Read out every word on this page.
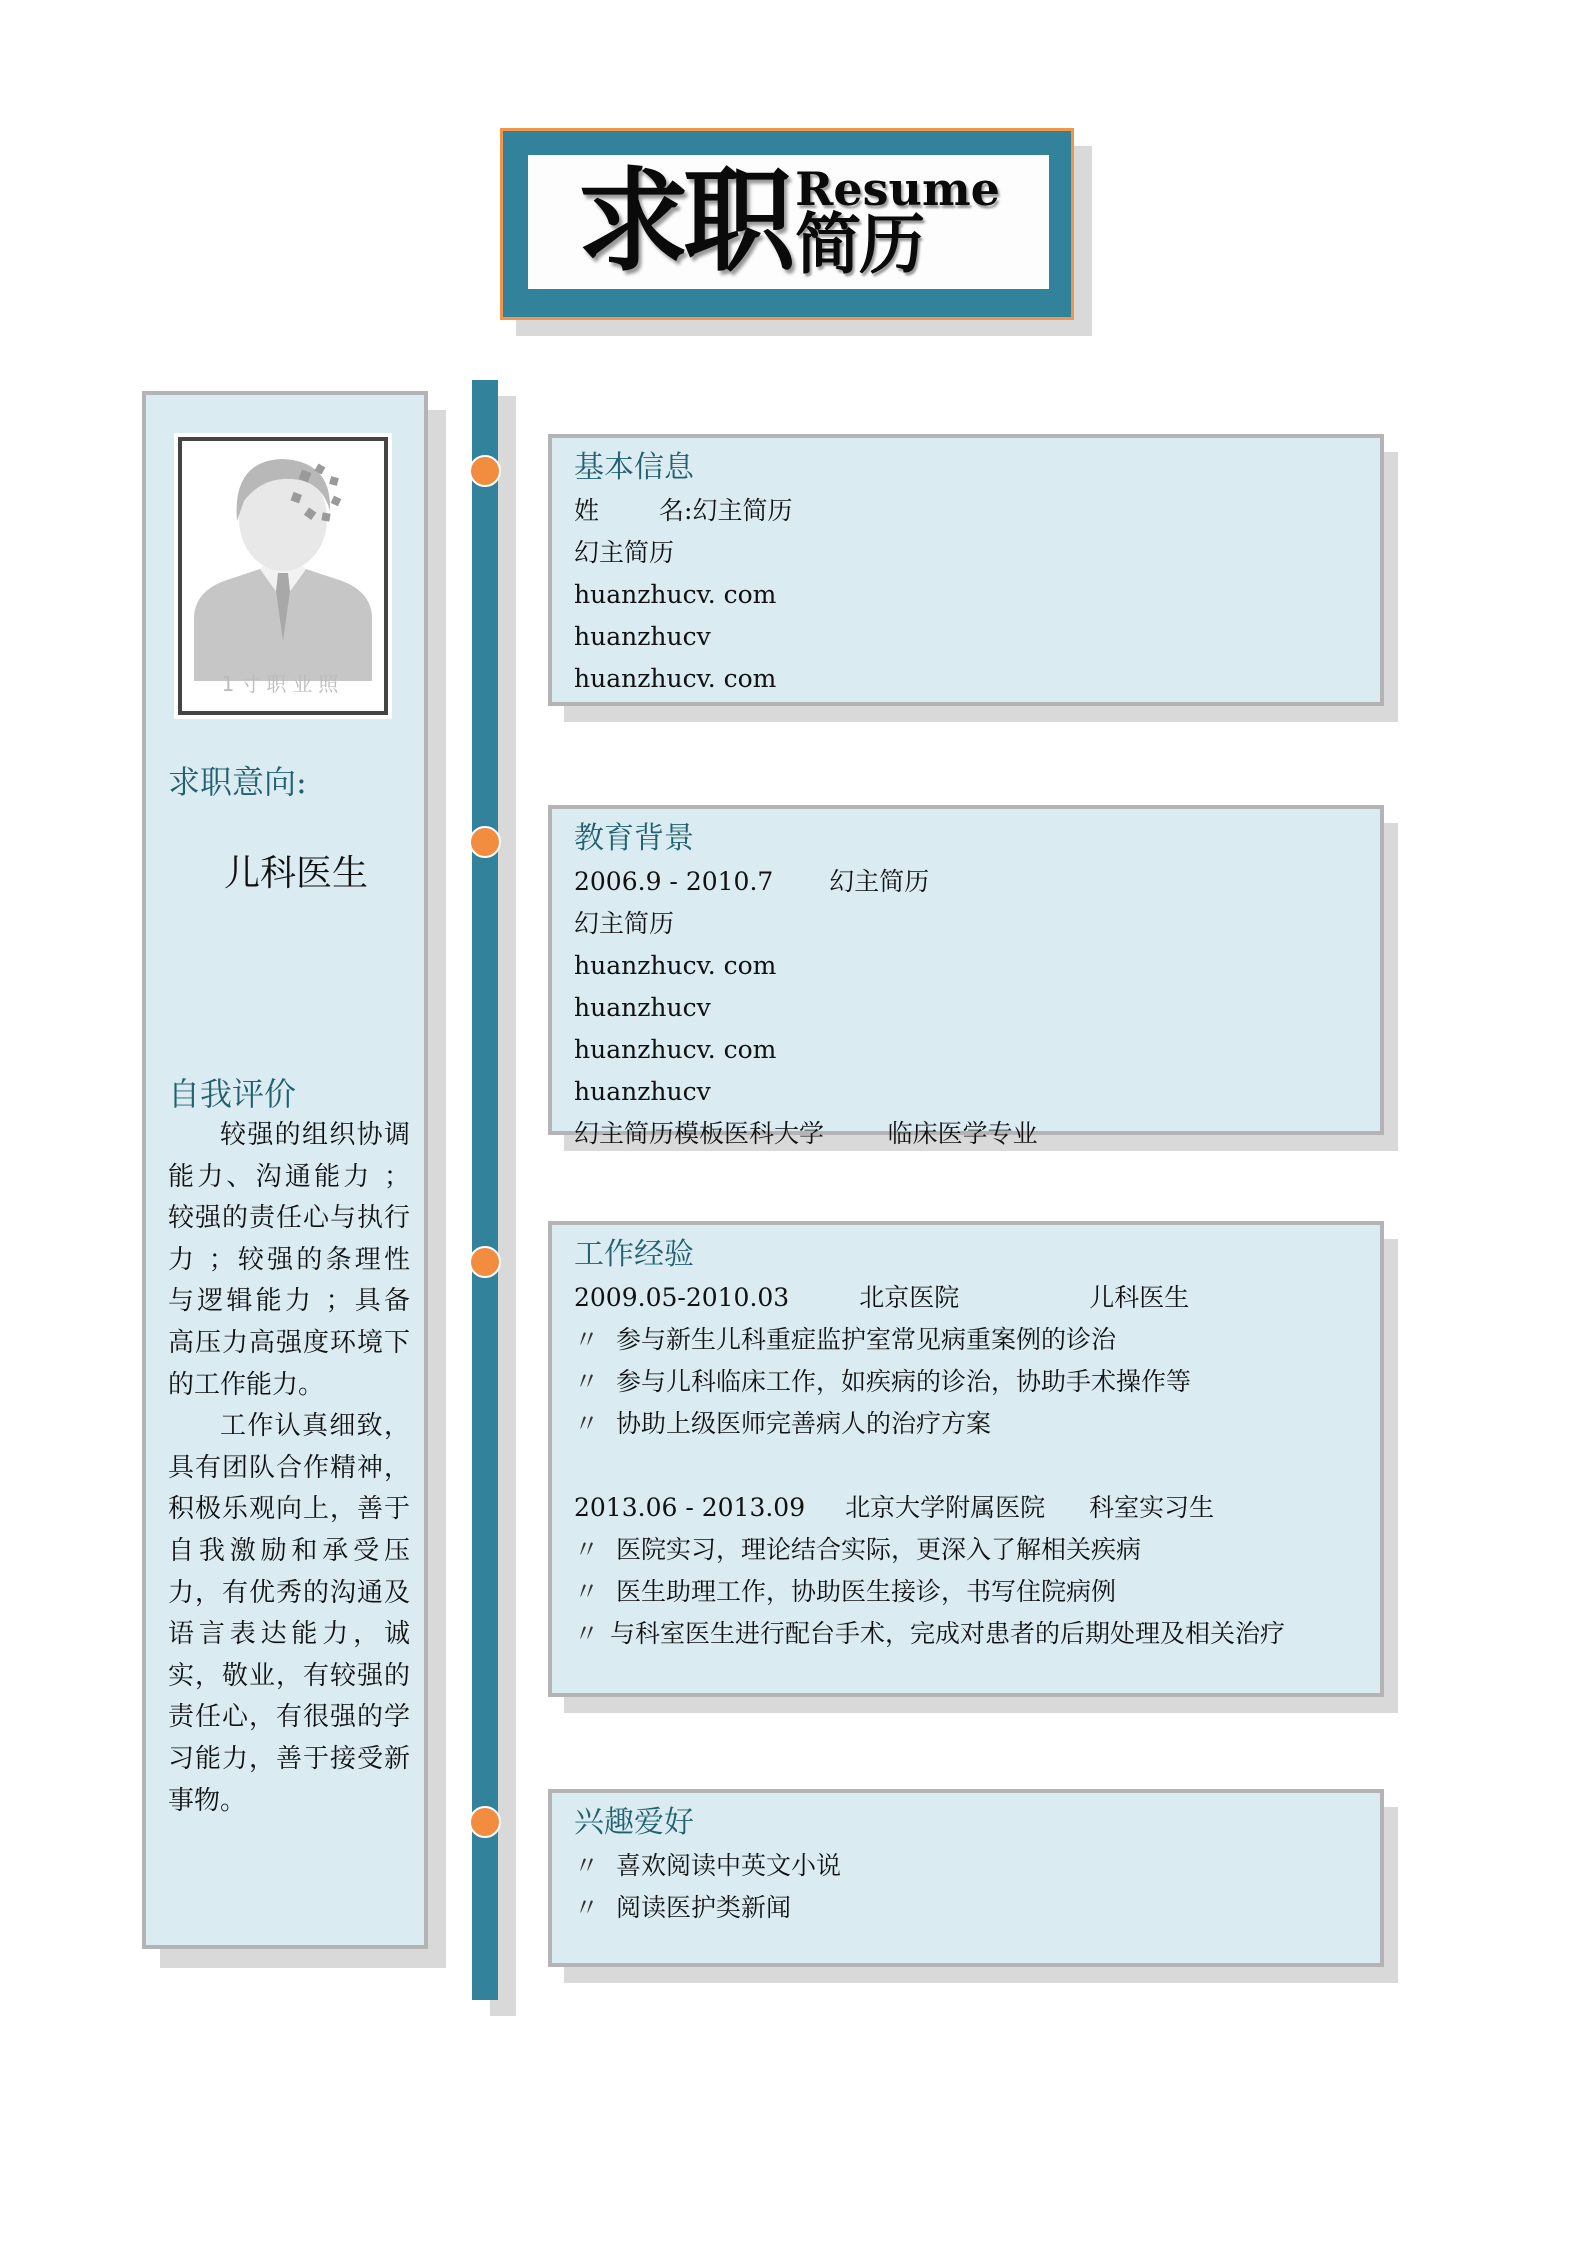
求职 Resume
简历
1寸职业照
求职意向:
儿科医生
自我评价

较强的组织协调能力、沟通能力 ；较强的责任心与执行力 ；较强的条理性与逻辑能力 ；具备高压力高强度环境下的工作能力。

工作认真细致，具有团队合作精神，积极乐观向上，善于自我激励和承受压力，有优秀的沟通及语言表达能力，诚实，敬业，有较强的责任心，有很强的学习能力，善于接受新事物。

基本信息
姓 名:幻主简历
幻主简历
huanzhucv. com
huanzhucv
huanzhucv. com
教育背景
2006.9 - 2010.7 幻主简历
幻主简历
huanzhucv. com
huanzhucv
huanzhucv. com
huanzhucv
幻主简历模板医科大学        临床医学专业
工作经验
2009.05-2010.03	北京医院	儿科医生
〃 参与新生儿科重症监护室常见病重案例的诊治
〃 参与儿科临床工作，如疾病的诊治，协助手术操作等
〃 协助上级医师完善病人的治疗方案
2013.06 - 2013.09 北京大学附属医院 科室实习生
〃 医院实习，理论结合实际，更深入了解相关疾病
〃 医生助理工作，协助医生接诊，书写住院病例
〃 与科室医生进行配台手术，完成对患者的后期处理及相关治疗
兴趣爱好
〃 喜欢阅读中英文小说
〃 阅读医护类新闻
